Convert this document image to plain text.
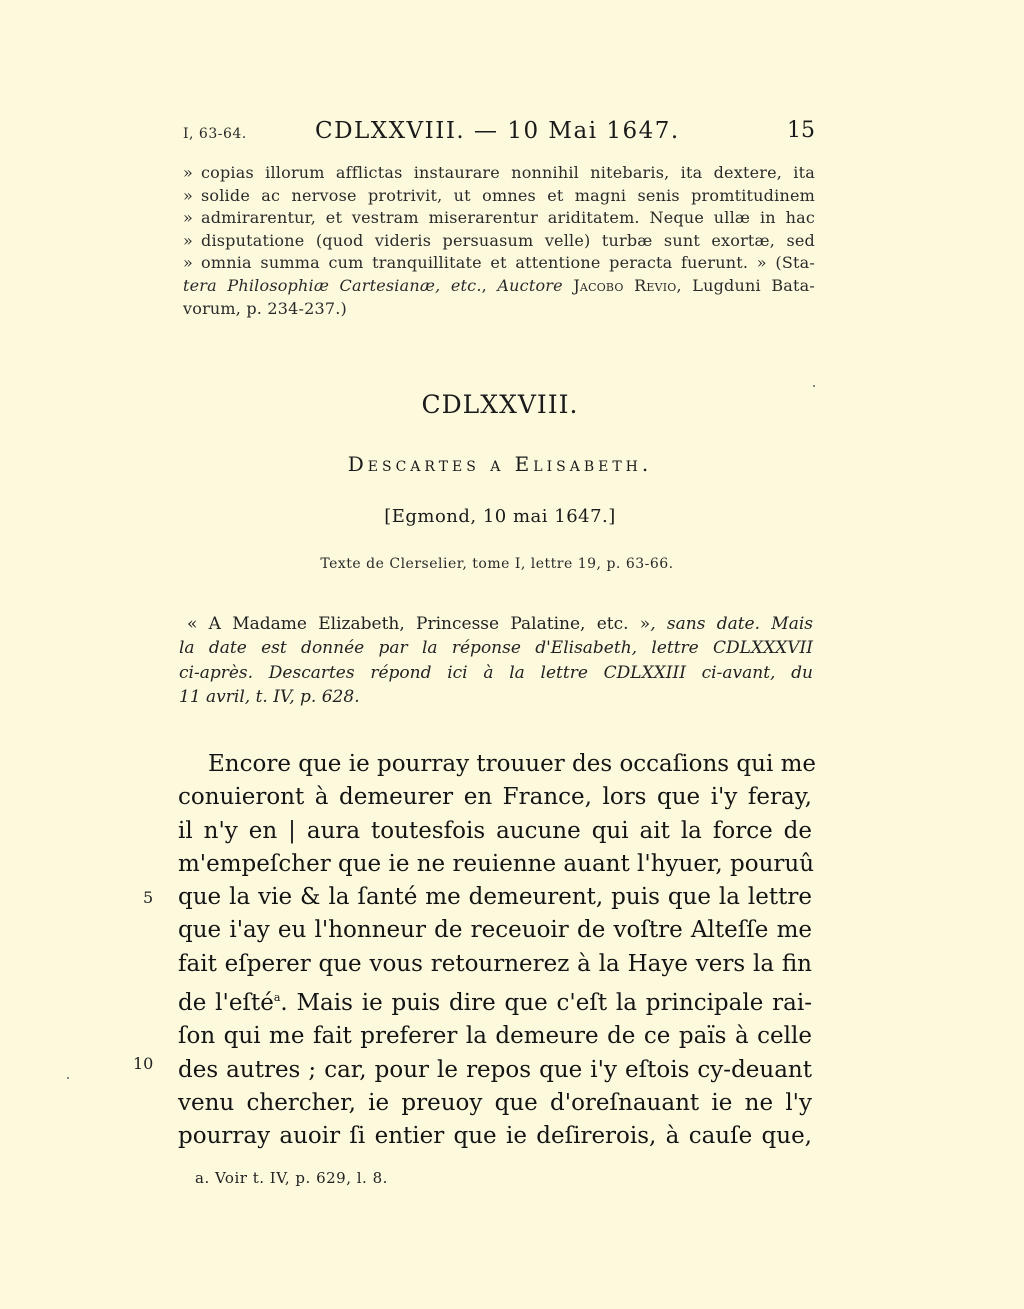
I, 63-64.	CDLXXVIII. — 10 Mai 1647.	15
» copias illorum afflictas instaurare nonnihil nitebaris, ita dextere, ita
» solide ac nervose protrivit, ut omnes et magni senis promtitudinem
» admirarentur, et vestram miserarentur ariditatem. Neque ullæ in hac
» disputatione (quod videris persuasum velle) turbæ sunt exortæ, sed
» omnia summa cum tranquillitate et attentione peracta fuerunt. » (Sta-
tera Philosophiæ Cartesianæ, etc., Auctore Jacobo Revio, Lugduni Bata-
vorum, p. 234-237.)
CDLXXVIII.
Descartes a Elisabeth.
[Egmond, 10 mai 1647.]
Texte de Clerselier, tome I, lettre 19, p. 63-66.
« A Madame Elizabeth, Princesse Palatine, etc. », sans date. Mais
la date est donnée par la réponse d'Elisabeth, lettre CDLXXXVII
ci-après. Descartes répond ici à la lettre CDLXXIII ci-avant, du
11 avril, t. IV, p. 628.
Encore que ie pourray trouuer des occaſions qui me
conuieront à demeurer en France, lors que i'y feray,
il n'y en | aura toutesfois aucune qui ait la force de
m'empeſcher que ie ne reuienne auant l'hyuer, pouruû
que la vie & la ſanté me demeurent, puis que la lettre
que i'ay eu l'honneur de receuoir de voſtre Alteſſe me
fait eſperer que vous retournerez à la Haye vers la fin
de l'eſté$^a$. Mais ie puis dire que c'eſt la principale rai-
ſon qui me fait preferer la demeure de ce païs à celle
des autres ; car, pour le repos que i'y eſtois cy-deuant
venu chercher, ie preuoy que d'oreſnauant ie ne l'y
pourray auoir ſi entier que ie deſirerois, à cauſe que,
5
10
a. Voir t. IV, p. 629, l. 8.
